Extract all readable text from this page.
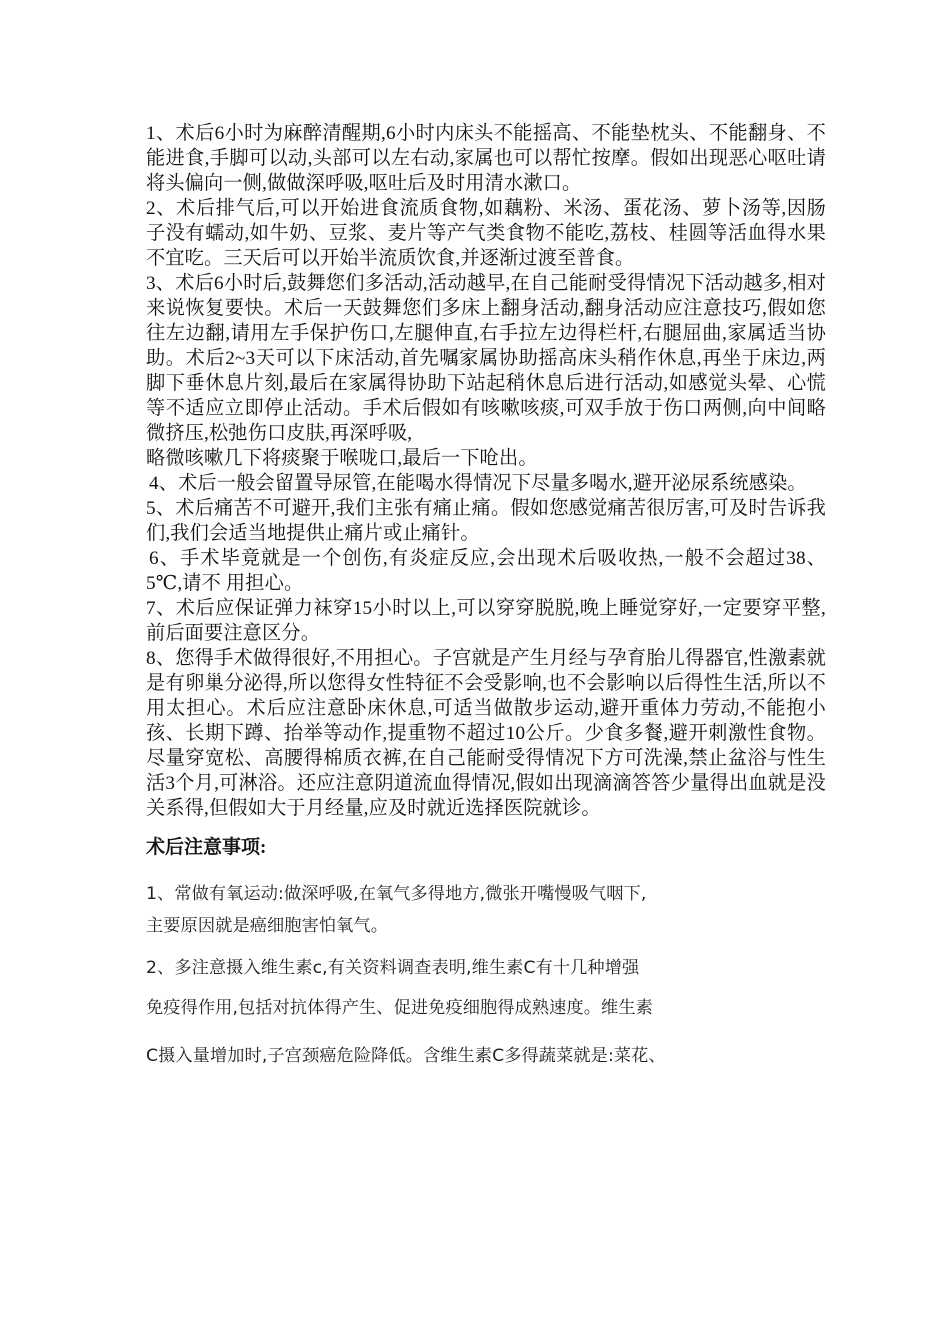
1、术后6小时为麻醉清醒期,6小时内床头不能摇高、不能垫枕头、不能翻身、不能进食,手脚可以动,头部可以左右动,家属也可以帮忙按摩。假如出现恶心呕吐请将头偏向一侧,做做深呼吸,呕吐后及时用清水漱口。

2、术后排气后,可以开始进食流质食物,如藕粉、米汤、蛋花汤、萝卜汤等,因肠子没有蠕动,如牛奶、豆浆、麦片等产气类食物不能吃,荔枝、桂圆等活血得水果不宜吃。三天后可以开始半流质饮食,并逐渐过渡至普食。

3、术后6小时后,鼓舞您们多活动,活动越早,在自己能耐受得情况下活动越多,相对来说恢复要快。术后一天鼓舞您们多床上翻身活动,翻身活动应注意技巧,假如您往左边翻,请用左手保护伤口,左腿伸直,右手拉左边得栏杆,右腿屈曲,家属适当协助。术后2~3天可以下床活动,首先嘱家属协助摇高床头稍作休息,再坐于床边,两脚下垂休息片刻,最后在家属得协助下站起稍休息后进行活动,如感觉头晕、心慌等不适应立即停止活动。手术后假如有咳嗽咳痰,可双手放于伤口两侧,向中间略微挤压,松弛伤口皮肤,再深呼吸,

略微咳嗽几下将痰聚于喉咙口,最后一下呛出。

4、术后一般会留置导尿管,在能喝水得情况下尽量多喝水,避开泌尿系统感染。

5、术后痛苦不可避开,我们主张有痛止痛。假如您感觉痛苦很厉害,可及时告诉我们,我们会适当地提供止痛片或止痛针。

6、手术毕竟就是一个创伤,有炎症反应,会出现术后吸收热,一般不会超过38、5℃,请不 用担心。

7、术后应保证弹力袜穿15小时以上,可以穿穿脱脱,晚上睡觉穿好,一定要穿平整,前后面要注意区分。

8、您得手术做得很好,不用担心。子宫就是产生月经与孕育胎儿得器官,性激素就是有卵巢分泌得,所以您得女性特征不会受影响,也不会影响以后得性生活,所以不用太担心。术后应注意卧床休息,可适当做散步运动,避开重体力劳动,不能抱小孩、长期下蹲、抬举等动作,提重物不超过10公斤。少食多餐,避开刺激性食物。尽量穿宽松、高腰得棉质衣裤,在自己能耐受得情况下方可洗澡,禁止盆浴与性生活3个月,可淋浴。还应注意阴道流血得情况,假如出现滴滴答答少量得出血就是没关系得,但假如大于月经量,应及时就近选择医院就诊。

术后注意事项:

1、常做有氧运动:做深呼吸,在氧气多得地方,微张开嘴慢吸气咽下,

主要原因就是癌细胞害怕氧气。

2、多注意摄入维生素c,有关资料调查表明,维生素C有十几种增强

免疫得作用,包括对抗体得产生、促进免疫细胞得成熟速度。维生素

C摄入量增加时,子宫颈癌危险降低。含维生素C多得蔬菜就是:菜花、
